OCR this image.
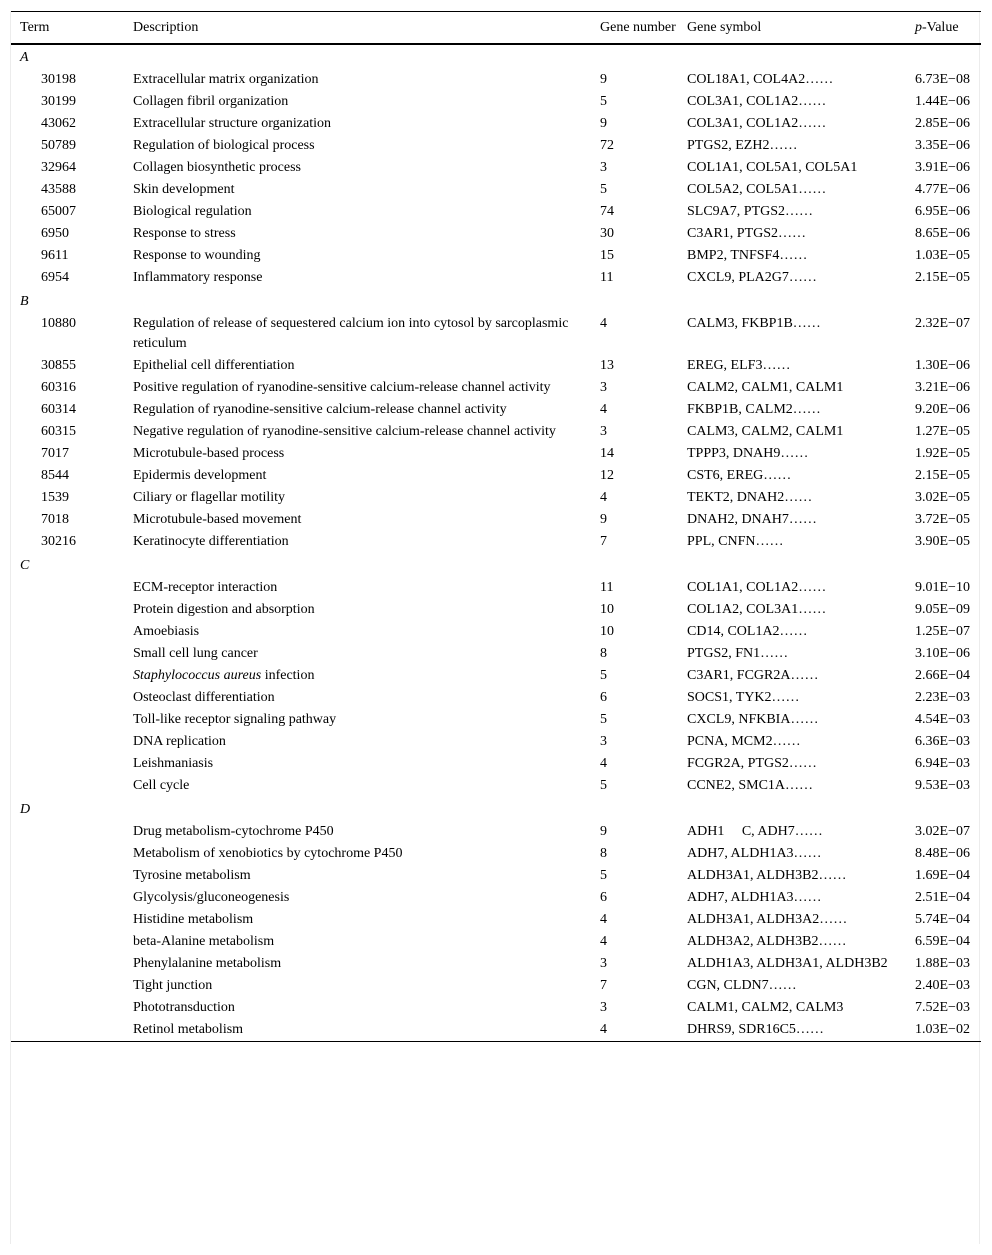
Term	Description	Gene number	Gene symbol	p-Value
A				
30198	Extracellular matrix organization	9	COL18A1, COL4A2……	6.73E−08
30199	Collagen fibril organization	5	COL3A1, COL1A2……	1.44E−06
43062	Extracellular structure organization	9	COL3A1, COL1A2……	2.85E−06
50789	Regulation of biological process	72	PTGS2, EZH2……	3.35E−06
32964	Collagen biosynthetic process	3	COL1A1, COL5A1, COL5A1	3.91E−06
43588	Skin development	5	COL5A2, COL5A1……	4.77E−06
65007	Biological regulation	74	SLC9A7, PTGS2……	6.95E−06
6950	Response to stress	30	C3AR1, PTGS2……	8.65E−06
9611	Response to wounding	15	BMP2, TNFSF4……	1.03E−05
6954	Inflammatory response	11	CXCL9, PLA2G7……	2.15E−05
B				
10880	Regulation of release of sequestered calcium ion into cytosol by sarcoplasmic reticulum	4	CALM3, FKBP1B……	2.32E−07
30855	Epithelial cell differentiation	13	EREG, ELF3……	1.30E−06
60316	Positive regulation of ryanodine-sensitive calcium-release channel activity	3	CALM2, CALM1, CALM1	3.21E−06
60314	Regulation of ryanodine-sensitive calcium-release channel activity	4	FKBP1B, CALM2……	9.20E−06
60315	Negative regulation of ryanodine-sensitive calcium-release channel activity	3	CALM3, CALM2, CALM1	1.27E−05
7017	Microtubule-based process	14	TPPP3, DNAH9……	1.92E−05
8544	Epidermis development	12	CST6, EREG……	2.15E−05
1539	Ciliary or flagellar motility	4	TEKT2, DNAH2……	3.02E−05
7018	Microtubule-based movement	9	DNAH2, DNAH7……	3.72E−05
30216	Keratinocyte differentiation	7	PPL, CNFN……	3.90E−05
C				
	ECM-receptor interaction	11	COL1A1, COL1A2……	9.01E−10
	Protein digestion and absorption	10	COL1A2, COL3A1……	9.05E−09
	Amoebiasis	10	CD14, COL1A2……	1.25E−07
	Small cell lung cancer	8	PTGS2, FN1……	3.10E−06
	Staphylococcus aureus infection	5	C3AR1, FCGR2A……	2.66E−04
	Osteoclast differentiation	6	SOCS1, TYK2……	2.23E−03
	Toll-like receptor signaling pathway	5	CXCL9, NFKBIA……	4.54E−03
	DNA replication	3	PCNA, MCM2……	6.36E−03
	Leishmaniasis	4	FCGR2A, PTGS2……	6.94E−03
	Cell cycle	5	CCNE2, SMC1A……	9.53E−03
D				
	Drug metabolism-cytochrome P450	9	ADH1  C, ADH7……	3.02E−07
	Metabolism of xenobiotics by cytochrome P450	8	ADH7, ALDH1A3……	8.48E−06
	Tyrosine metabolism	5	ALDH3A1, ALDH3B2……	1.69E−04
	Glycolysis/gluconeogenesis	6	ADH7, ALDH1A3……	2.51E−04
	Histidine metabolism	4	ALDH3A1, ALDH3A2……	5.74E−04
	beta-Alanine metabolism	4	ALDH3A2, ALDH3B2……	6.59E−04
	Phenylalanine metabolism	3	ALDH1A3, ALDH3A1, ALDH3B2	1.88E−03
	Tight junction	7	CGN, CLDN7……	2.40E−03
	Phototransduction	3	CALM1, CALM2, CALM3	7.52E−03
	Retinol metabolism	4	DHRS9, SDR16C5……	1.03E−02
